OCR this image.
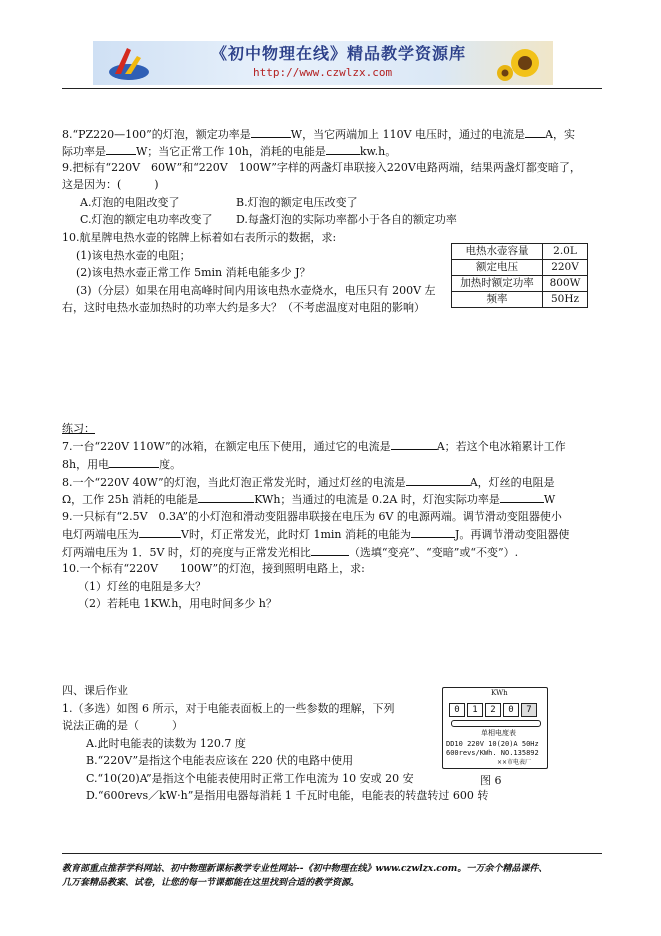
《初中物理在线》精品教学资源库
http://www.czwlzx.com
8.“PZ220—100”的灯泡，额定功率是	W，当它两端加上 110V 电压时，通过的电流是 A，实
际功率是	W；当它正常工作 10h，消耗的电能是	kw.h。
9.把标有“220V　60W”和“220V　100W”字样的两盏灯串联接入220V电路两端，结果两盏灯都变暗了，
这是因为：(　　　)
A.灯泡的电阻改变了	B.灯泡的额定电压改变了
C.灯泡的额定电功率改变了 D.每盏灯泡的实际功率都小于各自的额定功率
10.航星牌电热水壶的铭牌上标着如右表所示的数据，求:
(1)该电热水壶的电阻；
(2)该电热水壶正常工作 5min 消耗电能多少 J？
(3)（分层）如果在用电高峰时间内用该电热水壶烧水，电压只有 200V 左
右，这时电热水壶加热时的功率大约是多大？（不考虑温度对电阻的影响）
电热水壶容量	2.0L
额定电压	220V
加热时额定功率	800W
频率	50Hz
练习：
7.一台“220V 110W”的冰箱，在额定电压下使用，通过它的电流是	A；若这个电冰箱累计工作
8h，用电	度。
8.一个“220V 40W”的灯泡，当此灯泡正常发光时，通过灯丝的电流是	A，灯丝的电阻是
Ω，工作 25h 消耗的电能是	KWh；当通过的电流是 0.2A 时，灯泡实际功率是	W
9.一只标有“2.5V　0.3A”的小灯泡和滑动变阻器串联接在电压为 6V 的电源两端。调节滑动变阻器使小
电灯两端电压为	V时，灯正常发光，此时灯 1min 消耗的电能为	J。再调节滑动变阻器使
灯两端电压为 1．5V 时，灯的亮度与正常发光相比	（选填“变亮”、“变暗”或“不变”）.
10.一个标有“220V　　100W”的灯泡，接到照明电路上，求:
（1）灯丝的电阻是多大？
（2）若耗电 1KW.h，用电时间多少 h？
四、课后作业
1.（多选）如图 6 所示，对于电能表面板上的一些参数的理解，下列
说法正确的是（　　　）
A.此时电能表的读数为 120.7 度
B.“220V”是指这个电能表应该在 220 伏的电路中使用
C.“10(20)A”是指这个电能表使用时正常工作电流为 10 安或 20 安
D.“600revs／kW·h”是指用电器每消耗 1 千瓦时电能，电能表的转盘转过 600 转
KWh
0 1 2 0 7
单相电度表
DD10 220V 10(20)A 50Hz
600revs/KWh. NO.135892
××市电表厂
图 6
教育部重点推荐学科网站、初中物理新课标教学专业性网站--《初中物理在线》www.czwlzx.com。一万余个精品课件、
几万套精品教案、试卷，让您的每一节课都能在这里找到合适的教学资源。
